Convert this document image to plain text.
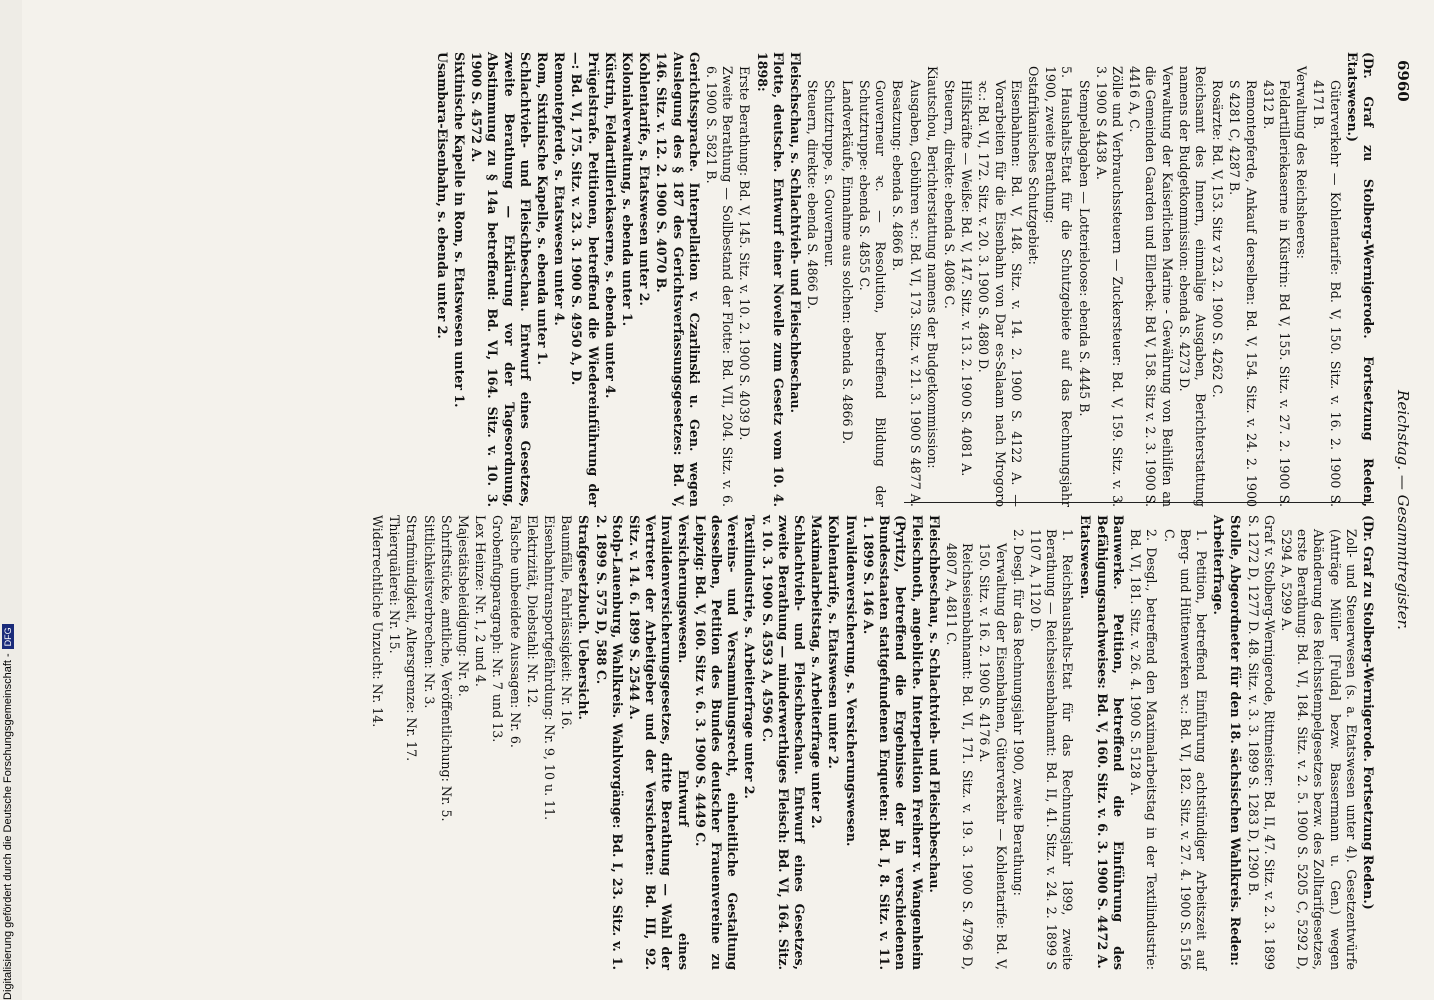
Digitalisierung gefördert durch die Deutsche Forschungsgemeinschaft -DFG
6960
Reichstag. — Gesammtregister.

(Dr. Graf zu Stolberg-Wernigerode. Fortsetzung Reden, Etatswesen.)

Güterverkehr — Kohlentarife: Bd. V, 150. Sitz. v. 16. 2. 1900 S. 4171 B.

Verwaltung des Reichsheeres:

Feldartilleriekaserne in Küstrin: Bd V, 155. Sitz. v. 27. 2. 1900 S. 4312 B.

Remontepferde, Ankauf derselben: Bd. V, 154. Sitz. v. 24. 2. 1900 S 4281 C, 4287 B.

Rosärzte: Bd. V, 153. Sitz v 23. 2. 1900 S. 4262 C.

Reichsamt des Innern, einmalige Ausgaben, Berichterstattung namens der Budgetkommission: ebenda S. 4273 D.

Verwaltung der Kaiserlichen Marine - Gewährung von Beihilfen an die Gemeinden Gaarden und Ellerbek: Bd V, 158. Sitz v. 2. 3. 1900 S. 4416 A, C.

Zölle und Verbrauchssteuern — Zuckersteuer: Bd. V, 159. Sitz. v. 3. 3. 1900 S 4438 A.

Stempelabgaben — Lotterieloose: ebenda S. 4445 B.

5. Haushalts-Etat für die Schutzgebiete auf das Rechnungsjahr 1900, zweite Berathung:

Ostafrikanisches Schutzgebiet:

Eisenbahnen: Bd. V, 148. Sitz. v. 14. 2. 1900 S. 4122 A. — Vorarbeiten für die Eisenbahn von Dar es-Salaam nach Mrogoro ꝛc.: Bd. VI, 172. Sitz. v. 20. 3. 1900 S. 4880 D.

Hilfskräfte — Weiße: Bd. V, 147. Sitz. v. 13. 2. 1900 S. 4081 A.

Steuern, direkte: ebenda S. 4086 C.

Kiautschou, Berichterstattung namens der Budgetkommission:

Ausgaben, Gebühren ꝛc.: Bd. VI, 173. Sitz. v. 21. 3. 1900 S 4877 A.

Besatzung: ebenda S. 4866 B.

Gouverneur ꝛc. — Resolution, betreffend Bildung der Schutztruppe: ebenda S. 4855 C.

Landverkäufe, Einnahme aus solchen: ebenda S. 4866 D.

Schutztruppe, s. Gouverneur.

Steuern, direkte: ebenda S. 4866 D.

Fleischschau, s. Schlachtvieh- und Fleischbeschau.

Flotte, deutsche. Entwurf einer Novelle zum Gesetz vom 10. 4. 1898:

Erste Berathung: Bd. V, 145. Sitz. v. 10. 2. 1900 S. 4039 D.

Zweite Berathung — Sollbestand der Flotte: Bd. VII, 204. Sitz. v. 6. 6. 1900 S. 5821 B.

Gerichtssprache. Interpellation v. Czarlinski u. Gen. wegen Auslegung des § 187 des Gerichtsverfassungsgesetzes: Bd. V, 146. Sitz. v. 12. 2. 1900 S. 4070 B.

Kohlentarife, s. Etatswesen unter 2.

Kolonialverwaltung, s. ebenda unter 1.

Küstrin, Feldartilleriekaserne, s. ebenda unter 4.

Prügelstrafe. Petitionen, betreffend die Wiedereinführung der —: Bd. VI, 175. Sitz. v. 23. 3. 1900 S. 4950 A, D.

Remontepferde, s. Etatswesen unter 4.

Rom, Sixtinische Kapelle, s. ebenda unter 1.

Schlachtvieh- und Fleischbeschau. Entwurf eines Gesetzes, zweite Berathung — Erklärung vor der Tagesordnung, Abstimmung zu § 14a betreffend: Bd. VI, 164. Sitz. v. 10. 3. 1900 S. 4572 A.

Sixtinische Kapelle in Rom, s. Etatswesen unter 1.

Usambara-Eisenbahn, s. ebenda unter 2.

(Dr. Graf zu Stolberg-Wernigerode. Fortsetzung Reden.)

Zoll- und Steuerwesen (s. a. Etatswesen unter 4). Gesetzentwürfe (Anträge Müller [Fulda] bezw. Bassermann u. Gen.) wegen Abänderung des Reichsstempelgesetzes bezw. des Zolltarifgesetzes, erste Berathung: Bd. VI, 184. Sitz. v. 2. 5. 1900 S. 5205 C, 5292 D, 5294 A, 5299 A.

Graf v. Stolberg-Wernigerode, Rittmeister: Bd. II, 47. Sitz. v. 2. 3. 1899 S. 1272 D, 1277 D. 48. Sitz. v. 3. 3. 1899 S. 1283 D, 1290 B.

Stolle, Abgeordneter für den 18. sächsischen Wahlkreis. Reden:

Arbeiterfrage.

1. Petition, betreffend Einführung achtstündiger Arbeitszeit auf Berg- und Hüttenwerken ꝛc.: Bd. VI, 182. Sitz. v. 27. 4. 1900 S. 5156 C.

2. Desgl., betreffend den Maximalarbeitstag in der Textilindustrie: Bd. VI, 181. Sitz. v. 26. 4. 1900 S. 5128 A.

Bauwerke. Petition, betreffend die Einführung des Befähigungsnachweises: Bd. V, 160. Sitz. v. 6. 3. 1900 S. 4472 A.

Etatswesen.

1. Reichshaushalts-Etat für das Rechnungsjahr 1899, zweite Berathung — Reichseisenbahnamt: Bd. II, 41. Sitz. v. 24. 2. 1899 S 1107 A, 1120 D.

2. Desgl. für das Rechnungsjahr 1900, zweite Berathung:

Verwaltung der Eisenbahnen, Güterverkehr — Kohlentarife: Bd. V, 150. Sitz. v. 16. 2. 1900 S. 4176 A.

Reichseisenbahnamt: Bd. VI, 171. Sitz. v. 19. 3. 1900 S. 4796 D, 4807 A, 4811 C.

Fleischbeschau, s. Schlachtvieh- und Fleischbeschau.

Fleischnoth, angebliche. Interpellation Freiherr v. Wangenheim (Pyritz), betreffend die Ergebnisse der in verschiedenen Bundesstaaten stattgefundenen Enqueten: Bd. I, 8. Sitz. v. 11. 1. 1899 S. 146 A.

Invalidenversicherung, s. Versicherungswesen.

Kohlentarife, s. Etatswesen unter 2.

Maximalarbeitstag, s. Arbeiterfrage unter 2.

Schlachtvieh- und Fleischbeschau. Entwurf eines Gesetzes, zweite Berathung — minderwerthiges Fleisch: Bd. VI, 164. Sitz. v. 10. 3. 1900 S. 4593 A, 4596 C.

Textilindustrie, s. Arbeiterfrage unter 2.

Vereins- und Versammlungsrecht, einheitliche Gestaltung desselben, Petition des Bundes deutscher Frauenvereine zu Leipzig: Bd. V, 160. Sitz v. 6. 3. 1900 S. 4449 C.

Versicherungswesen. Entwurf eines Invalidenversicherungsgesetzes, dritte Berathung — Wahl der Vertreter der Arbeitgeber und der Versicherten: Bd. III, 92. Sitz. v. 14. 6. 1899 S. 2544 A.

Stolp-Lauenburg, Wahlkreis. Wahlvorgänge: Bd. I, 23. Sitz. v. 1. 2. 1899 S. 575 D, 588 C.

Strafgesetzbuch. Uebersicht.

Baumfälle, Fahrlässigkeit: Nr. 16.

Eisenbahntransportgefährdung: Nr. 9, 10 u. 11.

Elektrizität, Diebstahl: Nr. 12.

Falsche unbeeidete Aussagen: Nr. 6.

Grobenfugparagraph: Nr. 7 und 13.

Lex Heinze: Nr. 1, 2 und 4.

Majestätsbeleidigung: Nr. 8.

Schriftstücke, amtliche, Veröffentlichung: Nr. 5.

Sittlichkeitsverbrechen: Nr. 3.

Strafmündigkeit, Altersgrenze: Nr. 17.

Thierquälerei: Nr. 15.

Widerrechtliche Unzucht: Nr. 14.
